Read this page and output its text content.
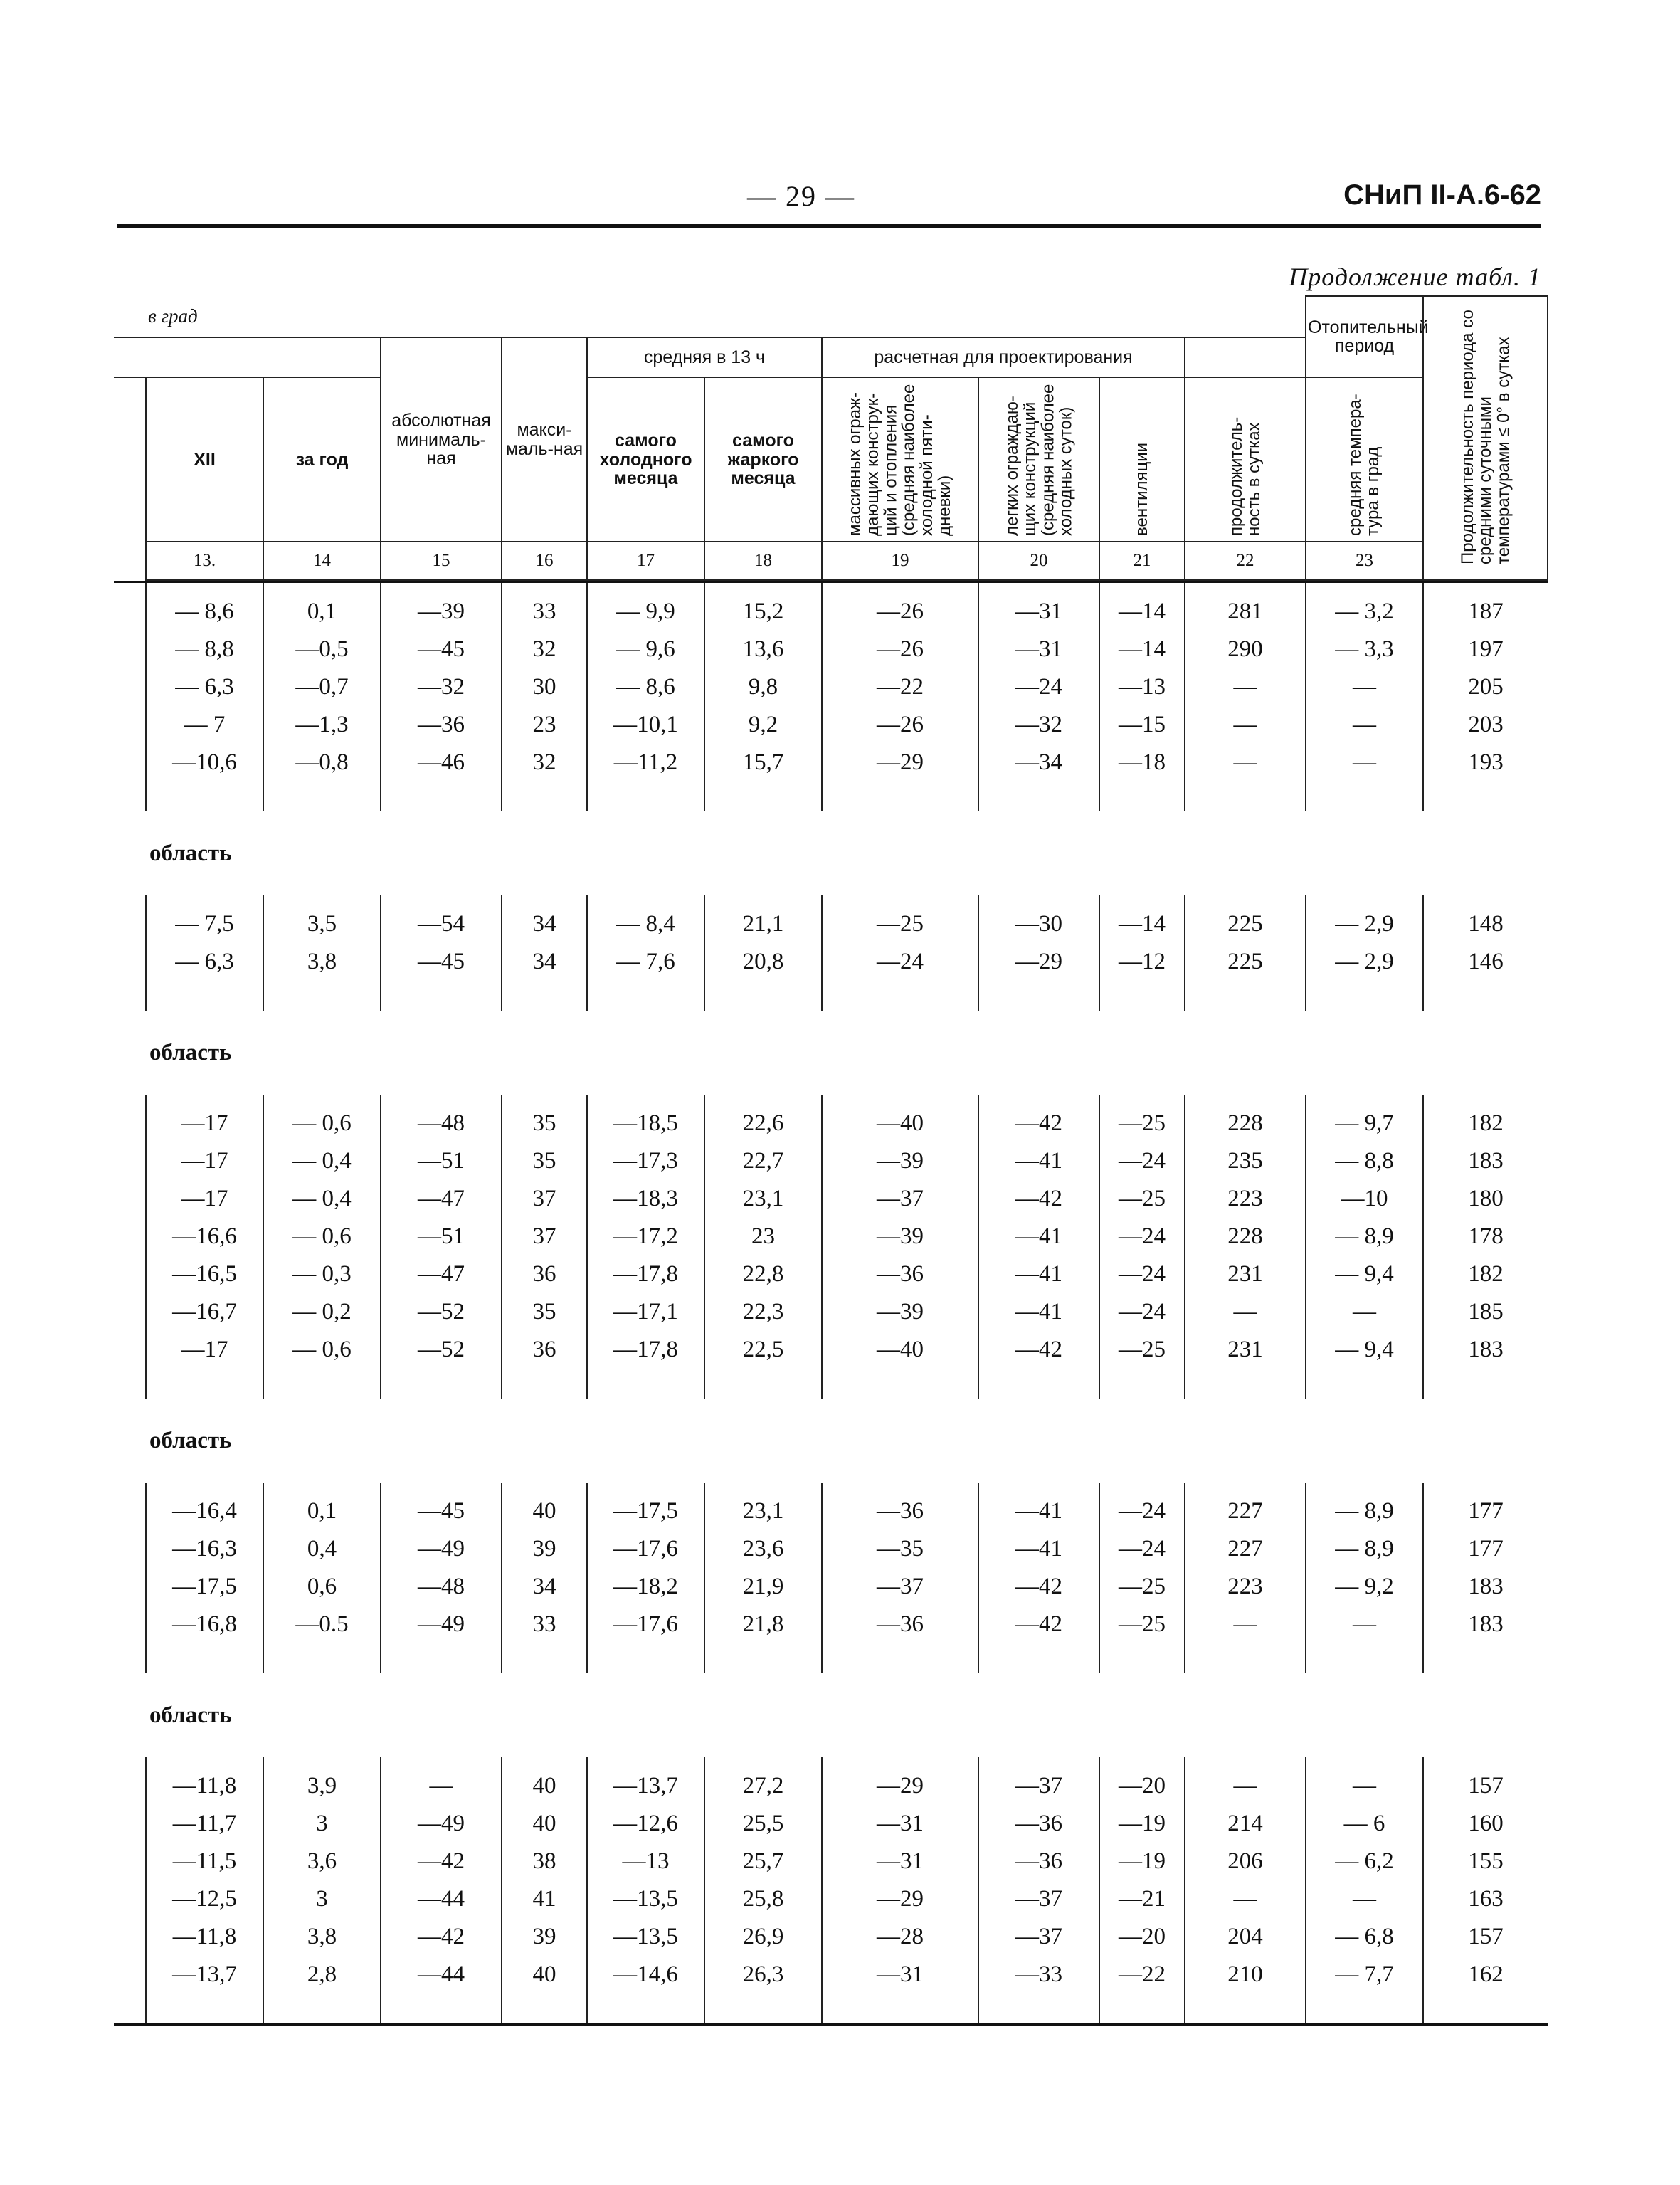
— 29 —	СНиП II-А.6-62
Продолжение табл. 1
в град											Отопительный период	Продолжительность периода со средними суточными температурами ≤ 0° в сутках
			абсолютная минималь-ная	макси-маль-ная	средняя в 13 ч		расчетная для проектирования					
	XII	за год			самого холодного месяца	самого жаркого месяца	массивных ограж-дающих конструк-ций и отопления (средняя наиболее холодной пяти-дневки)	легких ограждаю-щих конструкций (средняя наиболее холодных суток)	вентиляции	продолжитель-ность в сутках	средняя темпера-тура в град	
	13.	14	15	16	17	18	19	20	21	22	23	

	— 8,6	0,1	—39	33	— 9,9	15,2	—26	—31	—14	281	— 3,2	187
	— 8,8	—0,5	—45	32	— 9,6	13,6	—26	—31	—14	290	— 3,3	197
	— 6,3	—0,7	—32	30	— 8,6	9,8	—22	—24	—13	—	—	205
	— 7	—1,3	—36	23	—10,1	9,2	—26	—32	—15	—	—	203
	—10,6	—0,8	—46	32	—11,2	15,7	—29	—34	—18	—	—	193

область

	— 7,5	3,5	—54	34	— 8,4	21,1	—25	—30	—14	225	— 2,9	148
	— 6,3	3,8	—45	34	— 7,6	20,8	—24	—29	—12	225	— 2,9	146

область

	—17	— 0,6	—48	35	—18,5	22,6	—40	—42	—25	228	— 9,7	182
	—17	— 0,4	—51	35	—17,3	22,7	—39	—41	—24	235	— 8,8	183
	—17	— 0,4	—47	37	—18,3	23,1	—37	—42	—25	223	—10	180
	—16,6	— 0,6	—51	37	—17,2	23	—39	—41	—24	228	— 8,9	178
	—16,5	— 0,3	—47	36	—17,8	22,8	—36	—41	—24	231	— 9,4	182
	—16,7	— 0,2	—52	35	—17,1	22,3	—39	—41	—24	—	—	185
	—17	— 0,6	—52	36	—17,8	22,5	—40	—42	—25	231	— 9,4	183

область

	—16,4	0,1	—45	40	—17,5	23,1	—36	—41	—24	227	— 8,9	177
	—16,3	0,4	—49	39	—17,6	23,6	—35	—41	—24	227	— 8,9	177
	—17,5	0,6	—48	34	—18,2	21,9	—37	—42	—25	223	— 9,2	183
	—16,8	—0.5	—49	33	—17,6	21,8	—36	—42	—25	—	—	183

область

	—11,8	3,9	—	40	—13,7	27,2	—29	—37	—20	—	—	157
	—11,7	3	—49	40	—12,6	25,5	—31	—36	—19	214	— 6	160
	—11,5	3,6	—42	38	—13	25,7	—31	—36	—19	206	— 6,2	155
	—12,5	3	—44	41	—13,5	25,8	—29	—37	—21	—	—	163
	—11,8	3,8	—42	39	—13,5	26,9	—28	—37	—20	204	— 6,8	157
	—13,7	2,8	—44	40	—14,6	26,3	—31	—33	—22	210	— 7,7	162
